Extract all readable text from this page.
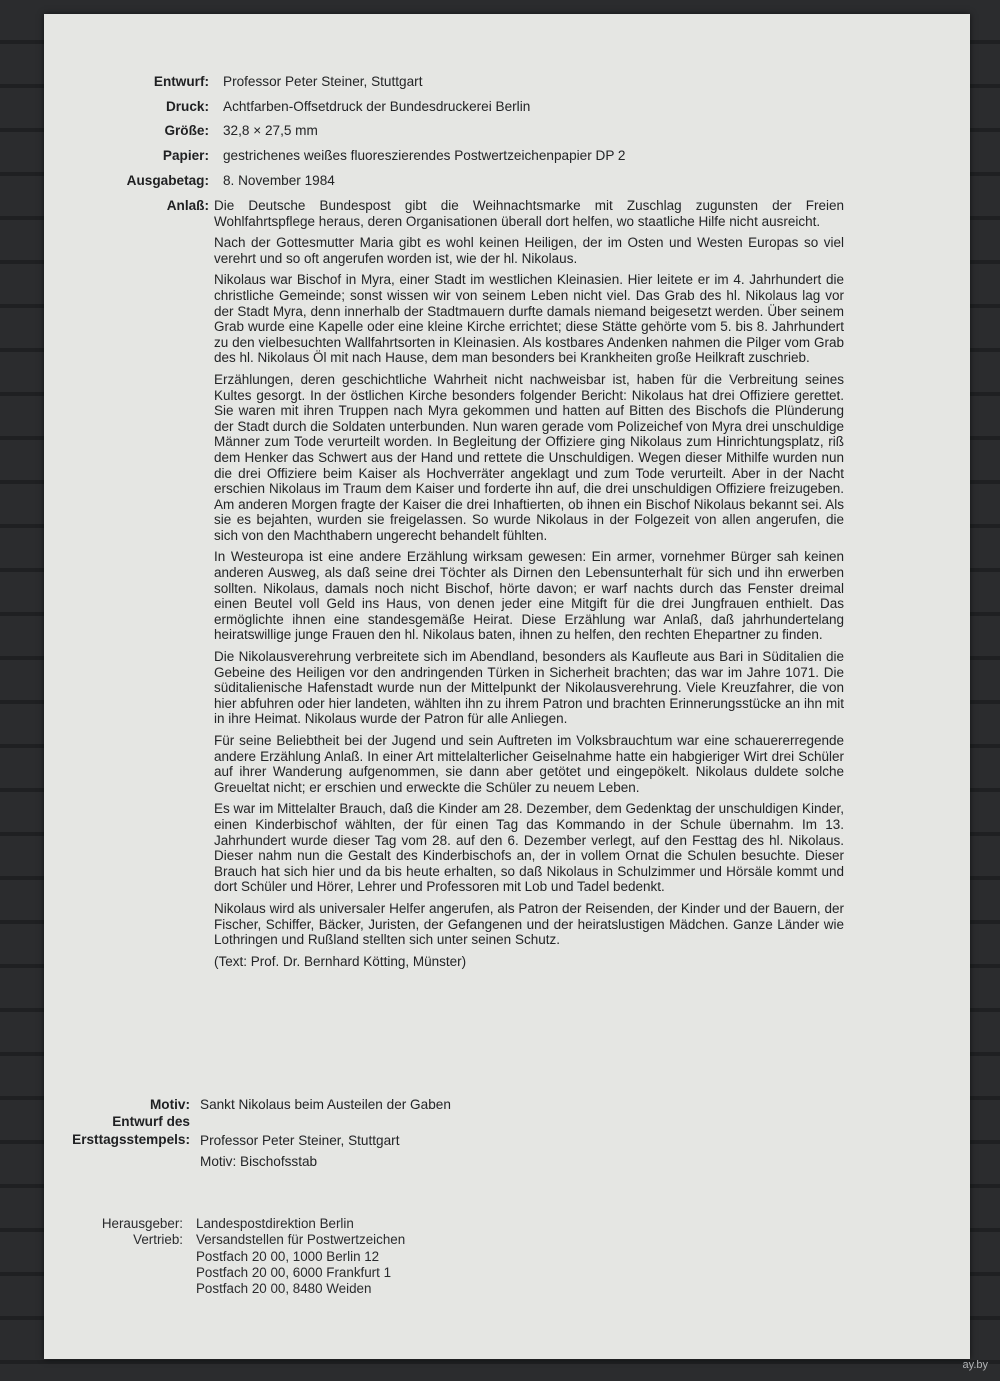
Entwurf: Professor Peter Steiner, Stuttgart
Druck: Achtfarben-Offsetdruck der Bundesdruckerei Berlin
Größe: 32,8 × 27,5 mm
Papier: gestrichenes weißes fluoreszierendes Postwertzeichenpapier DP 2
Ausgabetag: 8. November 1984
Anlaß: Die Deutsche Bundespost gibt die Weihnachtsmarke mit Zuschlag zugunsten der Freien Wohlfahrtspflege heraus, deren Organisationen überall dort helfen, wo staatliche Hilfe nicht ausreicht.

Nach der Gottesmutter Maria gibt es wohl keinen Heiligen, der im Osten und Westen Europas so viel verehrt und so oft angerufen worden ist, wie der hl. Nikolaus.

Nikolaus war Bischof in Myra, einer Stadt im westlichen Kleinasien. Hier leitete er im 4. Jahrhundert die christliche Gemeinde; sonst wissen wir von seinem Leben nicht viel. Das Grab des hl. Nikolaus lag vor der Stadt Myra, denn innerhalb der Stadtmauern durfte damals niemand beigesetzt werden. Über seinem Grab wurde eine Kapelle oder eine kleine Kirche errichtet; diese Stätte gehörte vom 5. bis 8. Jahrhundert zu den vielbesuchten Wallfahrtsorten in Kleinasien. Als kostbares Andenken nahmen die Pilger vom Grab des hl. Nikolaus Öl mit nach Hause, dem man besonders bei Krankheiten große Heilkraft zuschrieb.

Erzählungen, deren geschichtliche Wahrheit nicht nachweisbar ist, haben für die Verbreitung seines Kultes gesorgt. In der östlichen Kirche besonders folgender Bericht: Nikolaus hat drei Offiziere gerettet. Sie waren mit ihren Truppen nach Myra gekommen und hatten auf Bitten des Bischofs die Plünderung der Stadt durch die Soldaten unterbunden. Nun waren gerade vom Polizeichef von Myra drei unschuldige Männer zum Tode verurteilt worden. In Begleitung der Offiziere ging Nikolaus zum Hinrichtungsplatz, riß dem Henker das Schwert aus der Hand und rettete die Unschuldigen. Wegen dieser Mithilfe wurden nun die drei Offiziere beim Kaiser als Hochverräter angeklagt und zum Tode verurteilt. Aber in der Nacht erschien Nikolaus im Traum dem Kaiser und forderte ihn auf, die drei unschuldigen Offiziere freizugeben. Am anderen Morgen fragte der Kaiser die drei Inhaftierten, ob ihnen ein Bischof Nikolaus bekannt sei. Als sie es bejahten, wurden sie freigelassen. So wurde Nikolaus in der Folgezeit von allen angerufen, die sich von den Machthabern ungerecht behandelt fühlten.

In Westeuropa ist eine andere Erzählung wirksam gewesen: Ein armer, vornehmer Bürger sah keinen anderen Ausweg, als daß seine drei Töchter als Dirnen den Lebensunterhalt für sich und ihn erwerben sollten. Nikolaus, damals noch nicht Bischof, hörte davon; er warf nachts durch das Fenster dreimal einen Beutel voll Geld ins Haus, von denen jeder eine Mitgift für die drei Jungfrauen enthielt. Das ermöglichte ihnen eine standesgemäße Heirat. Diese Erzählung war Anlaß, daß jahrhundertelang heiratswillige junge Frauen den hl. Nikolaus baten, ihnen zu helfen, den rechten Ehepartner zu finden.

Die Nikolausverehrung verbreitete sich im Abendland, besonders als Kaufleute aus Bari in Süditalien die Gebeine des Heiligen vor den andringenden Türken in Sicherheit brachten; das war im Jahre 1071. Die süditalienische Hafenstadt wurde nun der Mittelpunkt der Nikolausverehrung. Viele Kreuzfahrer, die von hier abfuhren oder hier landeten, wählten ihn zu ihrem Patron und brachten Erinnerungsstücke an ihn mit in ihre Heimat. Nikolaus wurde der Patron für alle Anliegen.

Für seine Beliebtheit bei der Jugend und sein Auftreten im Volksbrauchtum war eine schauererregende andere Erzählung Anlaß. In einer Art mittelalterlicher Geiselnahme hatte ein habgieriger Wirt drei Schüler auf ihrer Wanderung aufgenommen, sie dann aber getötet und eingepökelt. Nikolaus duldete solche Greueltat nicht; er erschien und erweckte die Schüler zu neuem Leben.

Es war im Mittelalter Brauch, daß die Kinder am 28. Dezember, dem Gedenktag der unschuldigen Kinder, einen Kinderbischof wählten, der für einen Tag das Kommando in der Schule übernahm. Im 13. Jahrhundert wurde dieser Tag vom 28. auf den 6. Dezember verlegt, auf den Festtag des hl. Nikolaus. Dieser nahm nun die Gestalt des Kinderbischofs an, der in vollem Ornat die Schulen besuchte. Dieser Brauch hat sich hier und da bis heute erhalten, so daß Nikolaus in Schulzimmer und Hörsäle kommt und dort Schüler und Hörer, Lehrer und Professoren mit Lob und Tadel bedenkt.

Nikolaus wird als universaler Helfer angerufen, als Patron der Reisenden, der Kinder und der Bauern, der Fischer, Schiffer, Bäcker, Juristen, der Gefangenen und der heiratslustigen Mädchen. Ganze Länder wie Lothringen und Rußland stellten sich unter seinen Schutz.

(Text: Prof. Dr. Bernhard Kötting, Münster)

Motiv: Sankt Nikolaus beim Austeilen der Gaben
Entwurf des
Ersttagsstempels: Professor Peter Steiner, Stuttgart
Motiv: Bischofsstab
Herausgeber: Landespostdirektion Berlin
Vertrieb: Versandstellen für Postwertzeichen
Postfach 20 00, 1000 Berlin 12
Postfach 20 00, 6000 Frankfurt 1
Postfach 20 00, 8480 Weiden
ay.by
